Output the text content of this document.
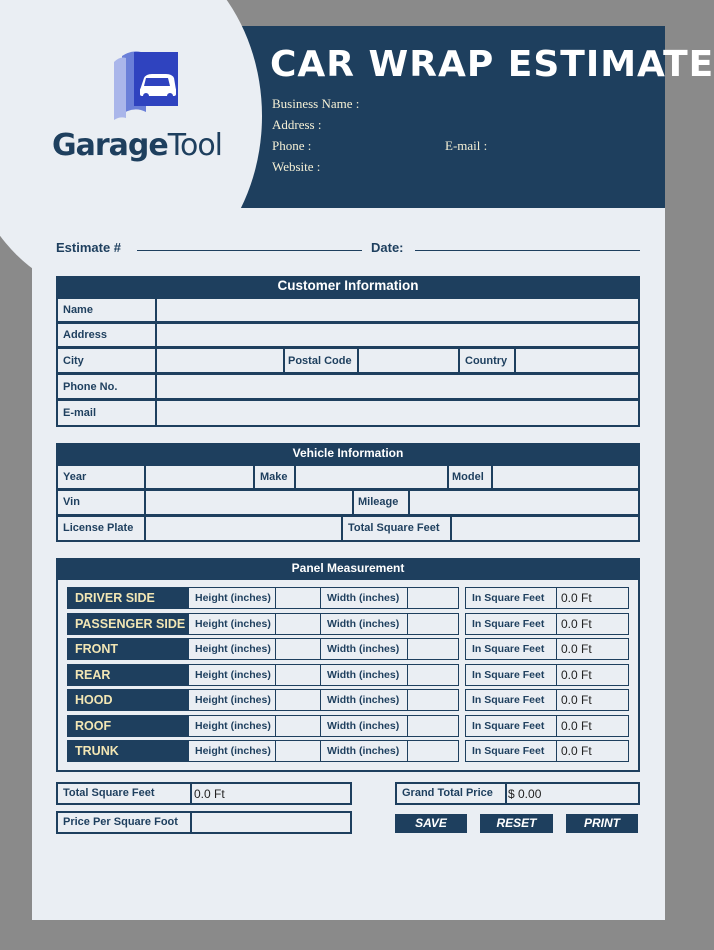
GarageTool
CAR WRAP ESTIMATE
Business Name :
Address :
Phone :	E-mail :
Website :
Estimate #	Date:
Customer Information
Name
Address
City	Postal Code	Country
Phone No.
E-mail
Vehicle Information
Year	Make	Model
Vin	Mileage
License Plate	Total Square Feet
Panel Measurement
DRIVER SIDE	Height (inches)	Width (inches)	In Square Feet 0.0 Ft
PASSENGER SIDE Height (inches)	Width (inches)	In Square Feet 0.0 Ft
FRONT	Height (inches)	Width (inches)	In Square Feet 0.0 Ft
REAR	Height (inches)	Width (inches)	In Square Feet 0.0 Ft
HOOD	Height (inches)	Width (inches)	In Square Feet 0.0 Ft
ROOF	Height (inches)	Width (inches)	In Square Feet 0.0 Ft
TRUNK	Height (inches)	Width (inches)	In Square Feet 0.0 Ft
Total Square Feet	0.0 Ft
Price Per Square Foot
Grand Total Price $ 0.00
SAVE	RESET	PRINT
